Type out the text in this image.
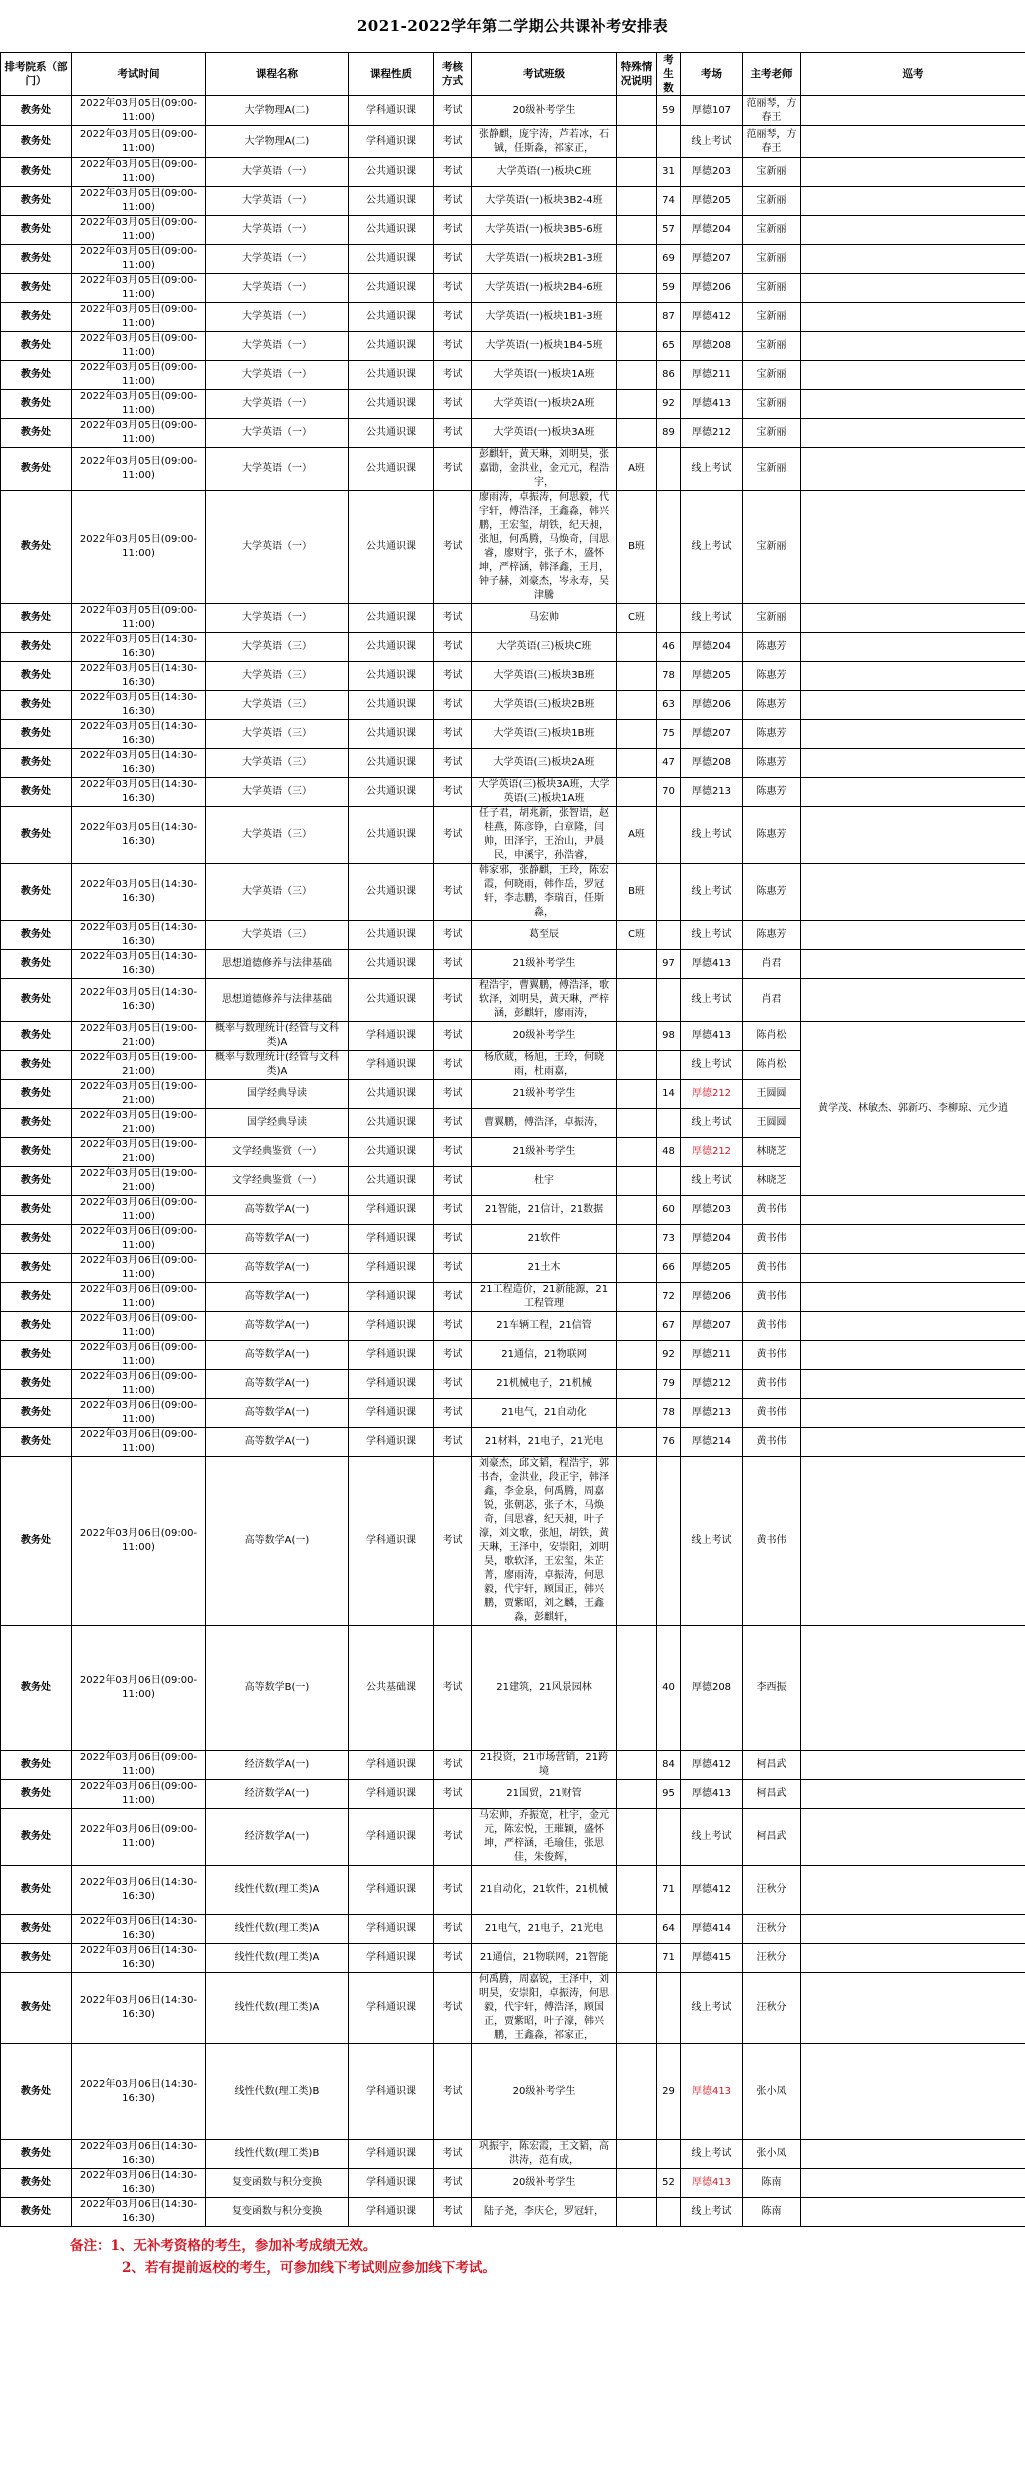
2021-2022学年第二学期公共课补考安排表
排考院系（部门）	考试时间	课程名称	课程性质	考核方式	考试班级	特殊情况说明	考生数	考场	主考老师	巡考
教务处	2022年03月05日(09:00-11:00)	大学物理A(二)	学科通识课	考试	20级补考学生		59	厚德107	范丽琴，方春王	
教务处	2022年03月05日(09:00-11:00)	大学物理A(二)	学科通识课	考试	张静麒，庞宇涛，芦若冰，石铖，任斯淼，祁家正，			线上考试	范丽琴，方春王	
教务处	2022年03月05日(09:00-11:00)	大学英语（一）	公共通识课	考试	大学英语(一)板块C班		31	厚德203	宝新丽	
教务处	2022年03月05日(09:00-11:00)	大学英语（一）	公共通识课	考试	大学英语(一)板块3B2-4班		74	厚德205	宝新丽	
教务处	2022年03月05日(09:00-11:00)	大学英语（一）	公共通识课	考试	大学英语(一)板块3B5-6班		57	厚德204	宝新丽	
教务处	2022年03月05日(09:00-11:00)	大学英语（一）	公共通识课	考试	大学英语(一)板块2B1-3班		69	厚德207	宝新丽	
教务处	2022年03月05日(09:00-11:00)	大学英语（一）	公共通识课	考试	大学英语(一)板块2B4-6班		59	厚德206	宝新丽	
教务处	2022年03月05日(09:00-11:00)	大学英语（一）	公共通识课	考试	大学英语(一)板块1B1-3班		87	厚德412	宝新丽	
教务处	2022年03月05日(09:00-11:00)	大学英语（一）	公共通识课	考试	大学英语(一)板块1B4-5班		65	厚德208	宝新丽	
教务处	2022年03月05日(09:00-11:00)	大学英语（一）	公共通识课	考试	大学英语(一)板块1A班		86	厚德211	宝新丽	
教务处	2022年03月05日(09:00-11:00)	大学英语（一）	公共通识课	考试	大学英语(一)板块2A班		92	厚德413	宝新丽	
教务处	2022年03月05日(09:00-11:00)	大学英语（一）	公共通识课	考试	大学英语(一)板块3A班		89	厚德212	宝新丽	
教务处	2022年03月05日(09:00-11:00)	大学英语（一）	公共通识课	考试	彭麒轩，黄天琳，刘明昊，张嘉勖，金洪业，金元元，程浩宇，	A班		线上考试	宝新丽	
教务处	2022年03月05日(09:00-11:00)	大学英语（一）	公共通识课	考试	廖雨涛，卓振涛，何思毅，代宇轩，傅浩泽，王鑫淼，韩兴鹏，王宏玺，胡铁，纪天昶，张旭，何禹腾，马焕奇，闫思睿，廖财宇，张子木，盛怀坤，严梓涵，韩泽鑫，王月，钟子赫，刘豪杰，岑永寿，吴津騰	B班		线上考试	宝新丽	
教务处	2022年03月05日(09:00-11:00)	大学英语（一）	公共通识课	考试	马宏帅	C班		线上考试	宝新丽	
教务处	2022年03月05日(14:30-16:30)	大学英语（三）	公共通识课	考试	大学英语(三)板块C班		46	厚德204	陈惠芳	
教务处	2022年03月05日(14:30-16:30)	大学英语（三）	公共通识课	考试	大学英语(三)板块3B班		78	厚德205	陈惠芳	
教务处	2022年03月05日(14:30-16:30)	大学英语（三）	公共通识课	考试	大学英语(三)板块2B班		63	厚德206	陈惠芳	
教务处	2022年03月05日(14:30-16:30)	大学英语（三）	公共通识课	考试	大学英语(三)板块1B班		75	厚德207	陈惠芳	
教务处	2022年03月05日(14:30-16:30)	大学英语（三）	公共通识课	考试	大学英语(三)板块2A班		47	厚德208	陈惠芳	
教务处	2022年03月05日(14:30-16:30)	大学英语（三）	公共通识课	考试	大学英语(三)板块3A班，大学英语(三)板块1A班		70	厚德213	陈惠芳	
教务处	2022年03月05日(14:30-16:30)	大学英语（三）	公共通识课	考试	任子君，胡兆新，张智语，赵桂燕，陈彦铮，白章隆，闫帅，田泽宇，王治山，尹晨民，申溪宇，孙浩睿，	A班		线上考试	陈惠芳	
教务处	2022年03月05日(14:30-16:30)	大学英语（三）	公共通识课	考试	韩家邪，张静麒，王玲，陈宏霞，何晓雨，韩作岳，罗冠轩，李志鹏，李瑞百，任斯淼，	B班		线上考试	陈惠芳	
教务处	2022年03月05日(14:30-16:30)	大学英语（三）	公共通识课	考试	葛至辰	C班		线上考试	陈惠芳	
教务处	2022年03月05日(14:30-16:30)	思想道德修养与法律基础	公共通识课	考试	21级补考学生		97	厚德413	肖君	
教务处	2022年03月05日(14:30-16:30)	思想道德修养与法律基础	公共通识课	考试	程浩宇，曹翼鹏，傅浩泽，歌软泽，刘明昊，黄天琳，严梓涵，彭麒轩，廖雨涛，			线上考试	肖君	
教务处	2022年03月05日(19:00-21:00)	概率与数理统计(经管与文科类)A	学科通识课	考试	20级补考学生		98	厚德413	陈肖松	黄学茂、林敏杰、郭新巧、李柳琼、元少逍
教务处	2022年03月05日(19:00-21:00)	概率与数理统计(经管与文科类)A	学科通识课	考试	杨欣葳，杨旭，王玲，何晓雨，杜雨嘉，			线上考试	陈肖松	
教务处	2022年03月05日(19:00-21:00)	国学经典导读	公共通识课	考试	21级补考学生		14	厚德212	王圆圆	
教务处	2022年03月05日(19:00-21:00)	国学经典导读	公共通识课	考试	曹翼鹏，傅浩泽，卓振涛，			线上考试	王圆圆	
教务处	2022年03月05日(19:00-21:00)	文学经典鉴赏（一）	公共通识课	考试	21级补考学生		48	厚德212	林晓芝	
教务处	2022年03月05日(19:00-21:00)	文学经典鉴赏（一）	公共通识课	考试	杜宇			线上考试	林晓芝	
教务处	2022年03月06日(09:00-11:00)	高等数学A(一)	学科通识课	考试	21智能，21信计，21数据		60	厚德203	黄书伟	
教务处	2022年03月06日(09:00-11:00)	高等数学A(一)	学科通识课	考试	21软件		73	厚德204	黄书伟	
教务处	2022年03月06日(09:00-11:00)	高等数学A(一)	学科通识课	考试	21土木		66	厚德205	黄书伟	
教务处	2022年03月06日(09:00-11:00)	高等数学A(一)	学科通识课	考试	21工程造价，21新能源，21工程管理		72	厚德206	黄书伟	
教务处	2022年03月06日(09:00-11:00)	高等数学A(一)	学科通识课	考试	21车辆工程，21信管		67	厚德207	黄书伟	
教务处	2022年03月06日(09:00-11:00)	高等数学A(一)	学科通识课	考试	21通信，21物联网		92	厚德211	黄书伟	
教务处	2022年03月06日(09:00-11:00)	高等数学A(一)	学科通识课	考试	21机械电子，21机械		79	厚德212	黄书伟	
教务处	2022年03月06日(09:00-11:00)	高等数学A(一)	学科通识课	考试	21电气，21自动化		78	厚德213	黄书伟	
教务处	2022年03月06日(09:00-11:00)	高等数学A(一)	学科通识课	考试	21材料，21电子，21光电		76	厚德214	黄书伟	
教务处	2022年03月06日(09:00-11:00)	高等数学A(一)	学科通识课	考试	刘豪杰，邱文韬，程浩宇，郭书杏，金洪业，段正宇，韩泽鑫，李金泉，何禹腾，周嘉锐，张朝苾，张子木，马焕奇，闫思睿，纪天昶，叶子濠，刘文歌，张旭，胡铁，黄天琳，王泽中，安崇阳，刘明昊，歌软泽，王宏玺，朱芷菁，廖雨涛，卓振涛，何思毅，代宇轩，顾国正，韩兴鹏，贾紫昭，刘之麟，王鑫淼，彭麒轩，			线上考试	黄书伟	
教务处	2022年03月06日(09:00-11:00)	高等数学B(一)	公共基础课	考试	21建筑，21风景园林		40	厚德208	李西振	
教务处	2022年03月06日(09:00-11:00)	经济数学A(一)	学科通识课	考试	21投资，21市场营销，21跨境		84	厚德412	柯昌武	
教务处	2022年03月06日(09:00-11:00)	经济数学A(一)	学科通识课	考试	21国贸，21财管		95	厚德413	柯昌武	
教务处	2022年03月06日(09:00-11:00)	经济数学A(一)	学科通识课	考试	马宏帅，乔振宽，杜宇，金元元，陈宏悦，王璀颖，盛怀坤，严梓涵，毛瑜佳，张思佳，朱俊辉，			线上考试	柯昌武	
教务处	2022年03月06日(14:30-16:30)	线性代数(理工类)A	学科通识课	考试	21自动化，21软件，21机械		71	厚德412	汪秋分	
教务处	2022年03月06日(14:30-16:30)	线性代数(理工类)A	学科通识课	考试	21电气，21电子，21光电		64	厚德414	汪秋分	
教务处	2022年03月06日(14:30-16:30)	线性代数(理工类)A	学科通识课	考试	21通信，21物联网，21智能		71	厚德415	汪秋分	
教务处	2022年03月06日(14:30-16:30)	线性代数(理工类)A	学科通识课	考试	何禹腾，周嘉锐，王泽中，刘明昊，安崇阳，卓振涛，何思毅，代宇轩，傅浩泽，顾国正，贾紫昭，叶子濠，韩兴鹏，王鑫淼，祁家正，			线上考试	汪秋分	
教务处	2022年03月06日(14:30-16:30)	线性代数(理工类)B	学科通识课	考试	20级补考学生		29	厚德413	张小凤	
教务处	2022年03月06日(14:30-16:30)	线性代数(理工类)B	学科通识课	考试	巩振宇，陈宏霞，王文韬，高洪涛，范有成，			线上考试	张小凤	
教务处	2022年03月06日(14:30-16:30)	复变函数与积分变换	学科通识课	考试	20级补考学生		52	厚德413	陈南	
教务处	2022年03月06日(14:30-16:30)	复变函数与积分变换	学科通识课	考试	陆子尧，李庆仑，罗冠轩，			线上考试	陈南	
备注：1、无补考资格的考生，参加补考成绩无效。
2、若有提前返校的考生，可参加线下考试则应参加线下考试。
